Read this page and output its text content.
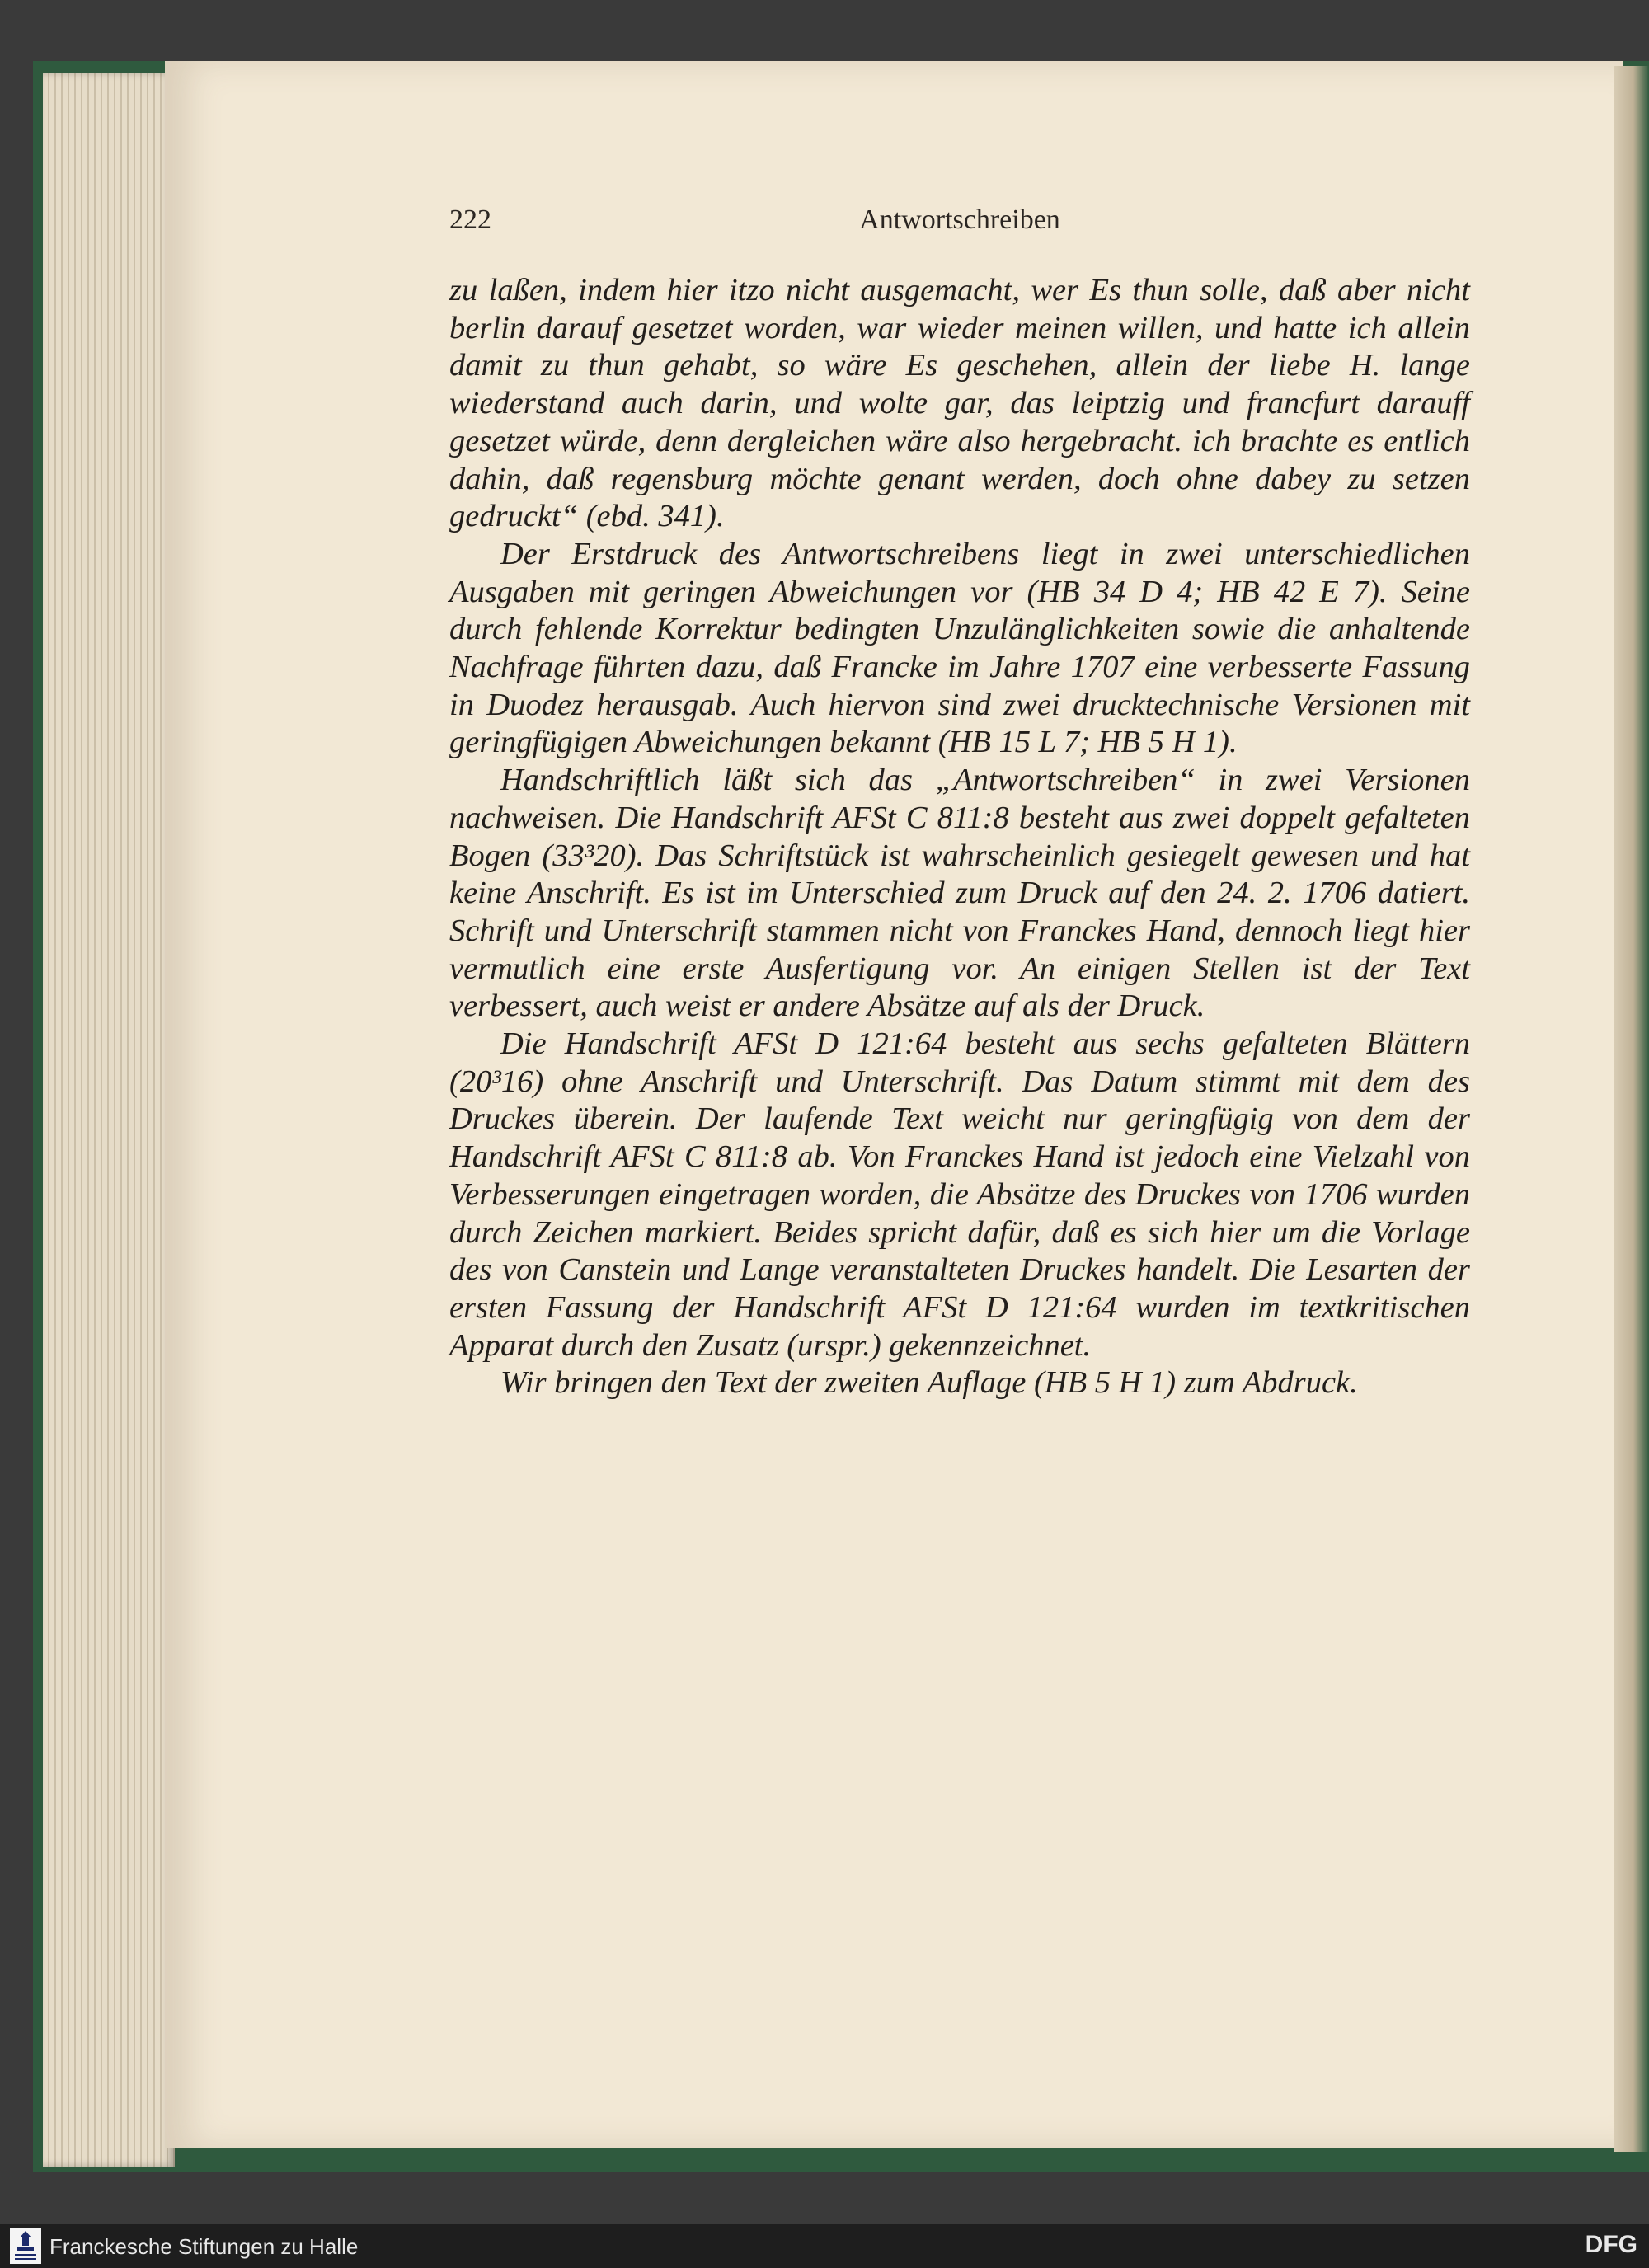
222	Antwortschreiben

zu laßen, indem hier itzo nicht ausgemacht, wer Es thun solle, daß aber nicht berlin darauf gesetzet worden, war wieder meinen willen, und hatte ich allein damit zu thun gehabt, so wäre Es geschehen, allein der liebe H. lange wiederstand auch darin, und wolte gar, das leiptzig und francfurt darauff gesetzet würde, denn dergleichen wäre also hergebracht. ich brachte es entlich dahin, daß regensburg möchte genant werden, doch ohne dabey zu setzen gedruckt“ (ebd. 341).

Der Erstdruck des Antwortschreibens liegt in zwei unterschiedlichen Ausgaben mit geringen Abweichungen vor (HB 34 D 4; HB 42 E 7). Seine durch fehlende Korrektur bedingten Unzulänglichkeiten sowie die anhaltende Nachfrage führten dazu, daß Francke im Jahre 1707 eine verbesserte Fassung in Duodez herausgab. Auch hiervon sind zwei drucktechnische Versionen mit geringfügigen Abweichungen bekannt (HB 15 L 7; HB 5 H 1).

Handschriftlich läßt sich das „Antwortschreiben“ in zwei Versionen nachweisen. Die Handschrift AFSt C 811:8 besteht aus zwei doppelt gefalteten Bogen (33³20). Das Schriftstück ist wahrscheinlich gesiegelt gewesen und hat keine Anschrift. Es ist im Unterschied zum Druck auf den 24. 2. 1706 datiert. Schrift und Unterschrift stammen nicht von Franckes Hand, dennoch liegt hier vermutlich eine erste Ausfertigung vor. An einigen Stellen ist der Text verbessert, auch weist er andere Absätze auf als der Druck.

Die Handschrift AFSt D 121:64 besteht aus sechs gefalteten Blättern (20³16) ohne Anschrift und Unterschrift. Das Datum stimmt mit dem des Druckes überein. Der laufende Text weicht nur geringfügig von dem der Handschrift AFSt C 811:8 ab. Von Franckes Hand ist jedoch eine Vielzahl von Verbesserungen eingetragen worden, die Absätze des Druckes von 1706 wurden durch Zeichen markiert. Beides spricht dafür, daß es sich hier um die Vorlage des von Canstein und Lange veranstalteten Druckes handelt. Die Lesarten der ersten Fassung der Handschrift AFSt D 121:64 wurden im textkritischen Apparat durch den Zusatz (urspr.) gekennzeichnet.

Wir bringen den Text der zweiten Auflage (HB 5 H 1) zum Abdruck.

Franckesche Stiftungen zu Halle	DFG
